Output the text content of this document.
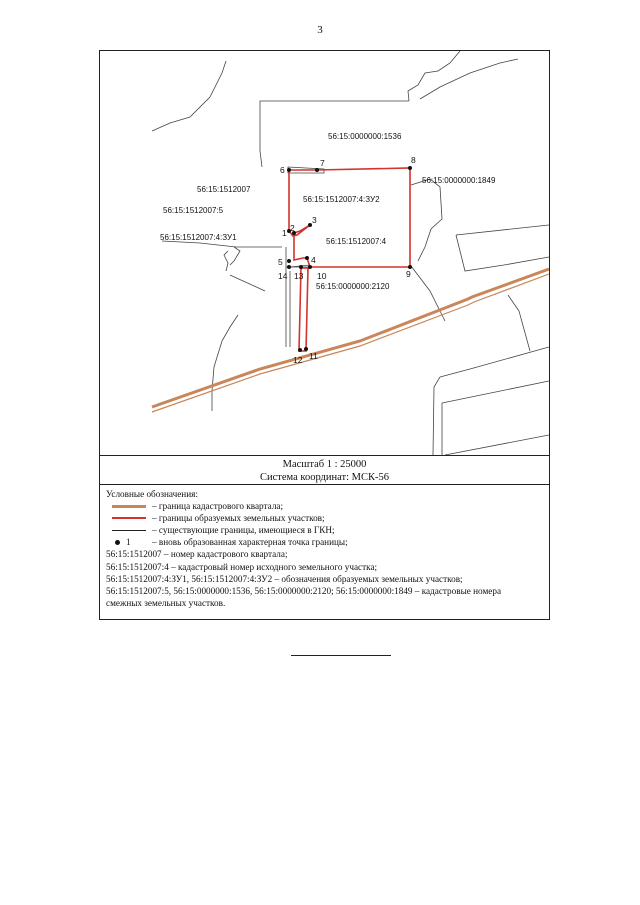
3
1 2
3
4
5
6
7	8
9
10
11
12
13
14
56:15:0000000:1536
56:15:0000000:1849
56:15:1512007
56:15:1512007:5
56:15:1512007:4:ЗУ2
56:15:1512007:4:ЗУ1	56:15:1512007:4
56:15:0000000:2120
Масштаб 1 : 25000
Система координат: МСК-56
Условные обозначения:
– граница кадастрового квартала;
– границы образуемых земельных участков;
– существующие границы, имеющиеся в ГКН;
1 – вновь образованная характерная точка границы;
56:15:1512007 – номер кадастрового квартала;
56:15:1512007:4 – кадастровый номер исходного земельного участка;
56:15:1512007:4:ЗУ1, 56:15:1512007:4:ЗУ2 – обозначения образуемых земельных участков;
56:15:1512007:5, 56:15:0000000:1536, 56:15:0000000:2120; 56:15:0000000:1849 – кадастровые номера
смежных земельных участков.
